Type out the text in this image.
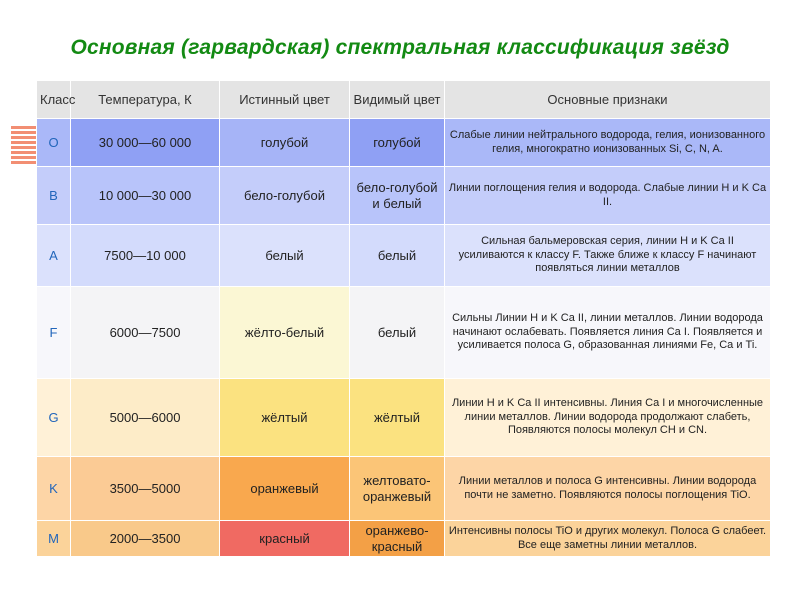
Основная (гарвардская) спектральная классификация звёзд
Класс	Температура, К	Истинный цвет	Видимый цвет	Основные признаки
O	30 000—60 000	голубой	голубой	Слабые линии нейтрального водорода, гелия, ионизованного гелия, многократно ионизованных Si, C, N, A.
B	10 000—30 000	бело-голубой	бело-голубой и белый	Линии поглощения гелия и водорода. Слабые линии H и K Ca II.
A	7500—10 000	белый	белый	Сильная бальмеровская серия, линии H и K Ca II усиливаются к классу F. Также ближе к классу F начинают появляться линии металлов
F	6000—7500	жёлто-белый	белый	Сильны Линии H и K Ca II, линии металлов. Линии водорода начинают ослабевать. Появляется линия Ca I. Появляется и усиливается полоса G, образованная линиями Fe, Ca и Ti.
G	5000—6000	жёлтый	жёлтый	Линии H и K Ca II интенсивны. Линия Ca I и многочисленные линии металлов. Линии водорода продолжают слабеть, Появляются полосы молекул CH и CN.
K	3500—5000	оранжевый	желтовато-оранжевый	Линии металлов и полоса G интенсивны. Линии водорода почти не заметно. Появляются полосы поглощения TiO.
M	2000—3500	красный	оранжево-красный	Интенсивны полосы TiO и других молекул. Полоса G слабеет. Все еще заметны линии металлов.
